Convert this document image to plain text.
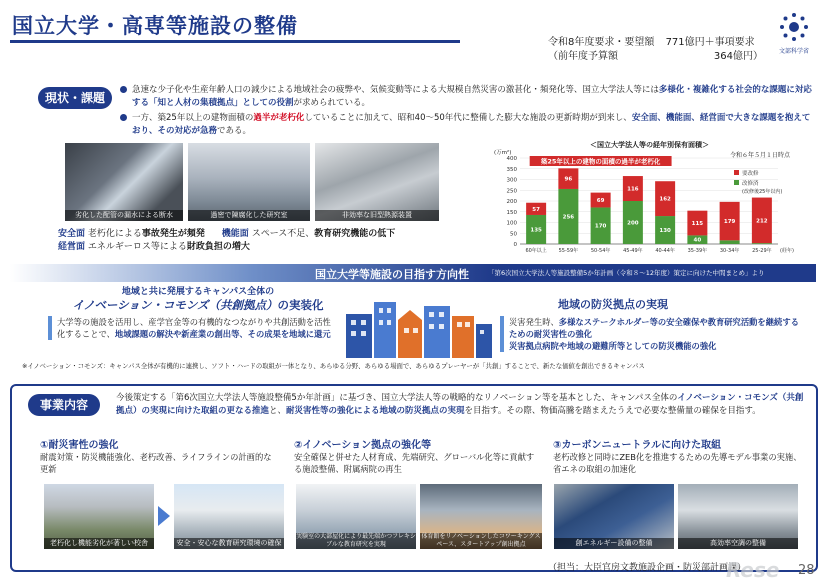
国立大学・高専等施設の整備
令和8年度要求・要望額 771億円＋事項要求
（前年度予算額	364億円）	文部科学省
現状・課題
急速な少子化や生産年齢人口の減少による地域社会の疲弊や、気候変動等による大規模自然災害の激甚化・頻発化等、国立大学法人等には多様化・複雑化する社会的な課題に対応する「知と人材の集積拠点」としての役割が求められている。
一方、築25年以上の建物面積の過半が老朽化していることに加えて、昭和40～50年代に整備した膨大な施設の更新時期が到来し、安全面、機能面、経営面で大きな課題を抱えており、その対応が急務である。
劣化した配管の漏水による断水	過密で陳腐化した研究室	非効率な旧型熱源装置
安全面 老朽化による事故発生が頻発 機能面 スペース不足、教育研究機能の低下
経営面 エネルギーロス等による財政負担の増大
＜国立大学法人等の経年別保有面積＞
令和６年５月１日時点
(万m²)
0
50
100
150
200
250
300
350
400
135
57
60年以上
256
96
55-59年
170
69
50-54年
200
116
45-49年
130
162
40-44年
40
115
35-39年
179
30-34年
212
25-29年 (経年)
築25年以上の建物の面積の過半が老朽化
要改修
改修済
(改修後25年以内)
国立大学等施設の目指す方向性	「第6次国立大学法人等施設整備5か年計画（令和８～12年度）策定に向けた中間まとめ」より
地域と共に発展するキャンパス全体の
イノベーション・コモンズ（共創拠点）の実装化
大学等の施設を活用し、産学官金等の有機的なつながりや共創活動を活性化することで、地域課題の解決や新産業の創出等、その成果を地域に還元
地域の防災拠点の実現
災害発生時、多様なステークホルダー等の安全確保や教育研究活動を継続するための耐災害性の強化
災害拠点病院や地域の避難所等としての防災機能の強化
※イノベーション・コモンズ：キャンパス全体が有機的に連携し、ソフト・ハードの取組が一体となり、あらゆる分野、あらゆる場面で、あらゆるプレーヤーが「共創」することで、新たな価値を創出できるキャンパス
事業内容	今後策定する「第6次国立大学法人等施設整備5か年計画」に基づき、国立大学法人等の戦略的なリノベーション等を基本とした、キャンパス全体のイノベーション・コモンズ（共創拠点）の実現に向けた取組の更なる推進と、耐災害性等の強化による地域の防災拠点の実現を目指す。その際、物価高騰を踏まえたうえで必要な整備量の確保を目指す。
①耐災害性の強化
耐震対策・防災機能強化、老朽改善、ライフラインの計画的な更新
②イノベーション拠点の強化等
安全確保と併せた人材育成、先端研究、グローバル化等に貢献する施設整備、附属病院の再生
③カーボンニュートラルに向けた取組
老朽改修と同時にZEB化を推進するための先導モデル事業の実施、省エネの取組の加速化
老朽化し機能劣化が著しい校舎	安全・安心な教育研究環境の確保
実験室の大部屋化により最先端かつフレキシブルな教育研究を実現
体育館をリノベーションしたコワーキングスペース、スタートアップ創出拠点	創エネルギー設備の整備	高効率空調の整備
（担当：大臣官房文教施設企画・防災部計画課）
Rese 28
